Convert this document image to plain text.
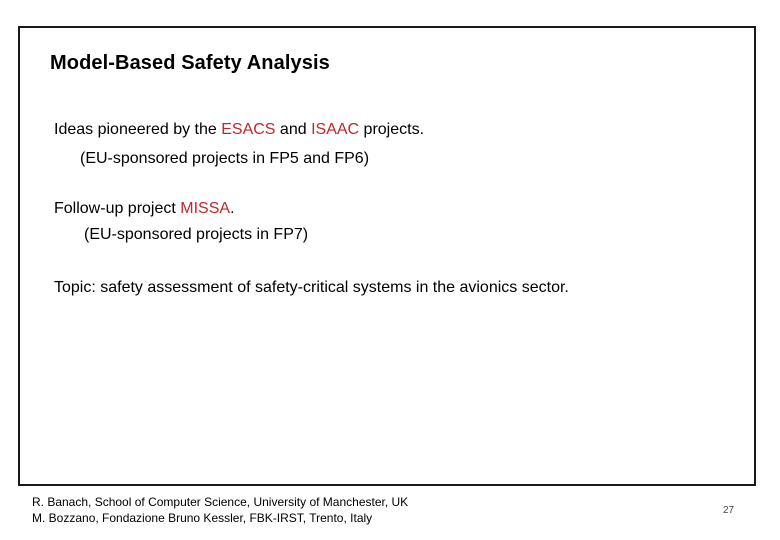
Model-Based Safety Analysis
Ideas pioneered by the ESACS and ISAAC projects.
(EU-sponsored projects in FP5 and FP6)
Follow-up project MISSA.
(EU-sponsored projects in FP7)
Topic: safety assessment of safety-critical systems in the avionics sector.
R. Banach, School of Computer Science, University of Manchester, UK
M. Bozzano, Fondazione Bruno Kessler, FBK-IRST, Trento, Italy
27
